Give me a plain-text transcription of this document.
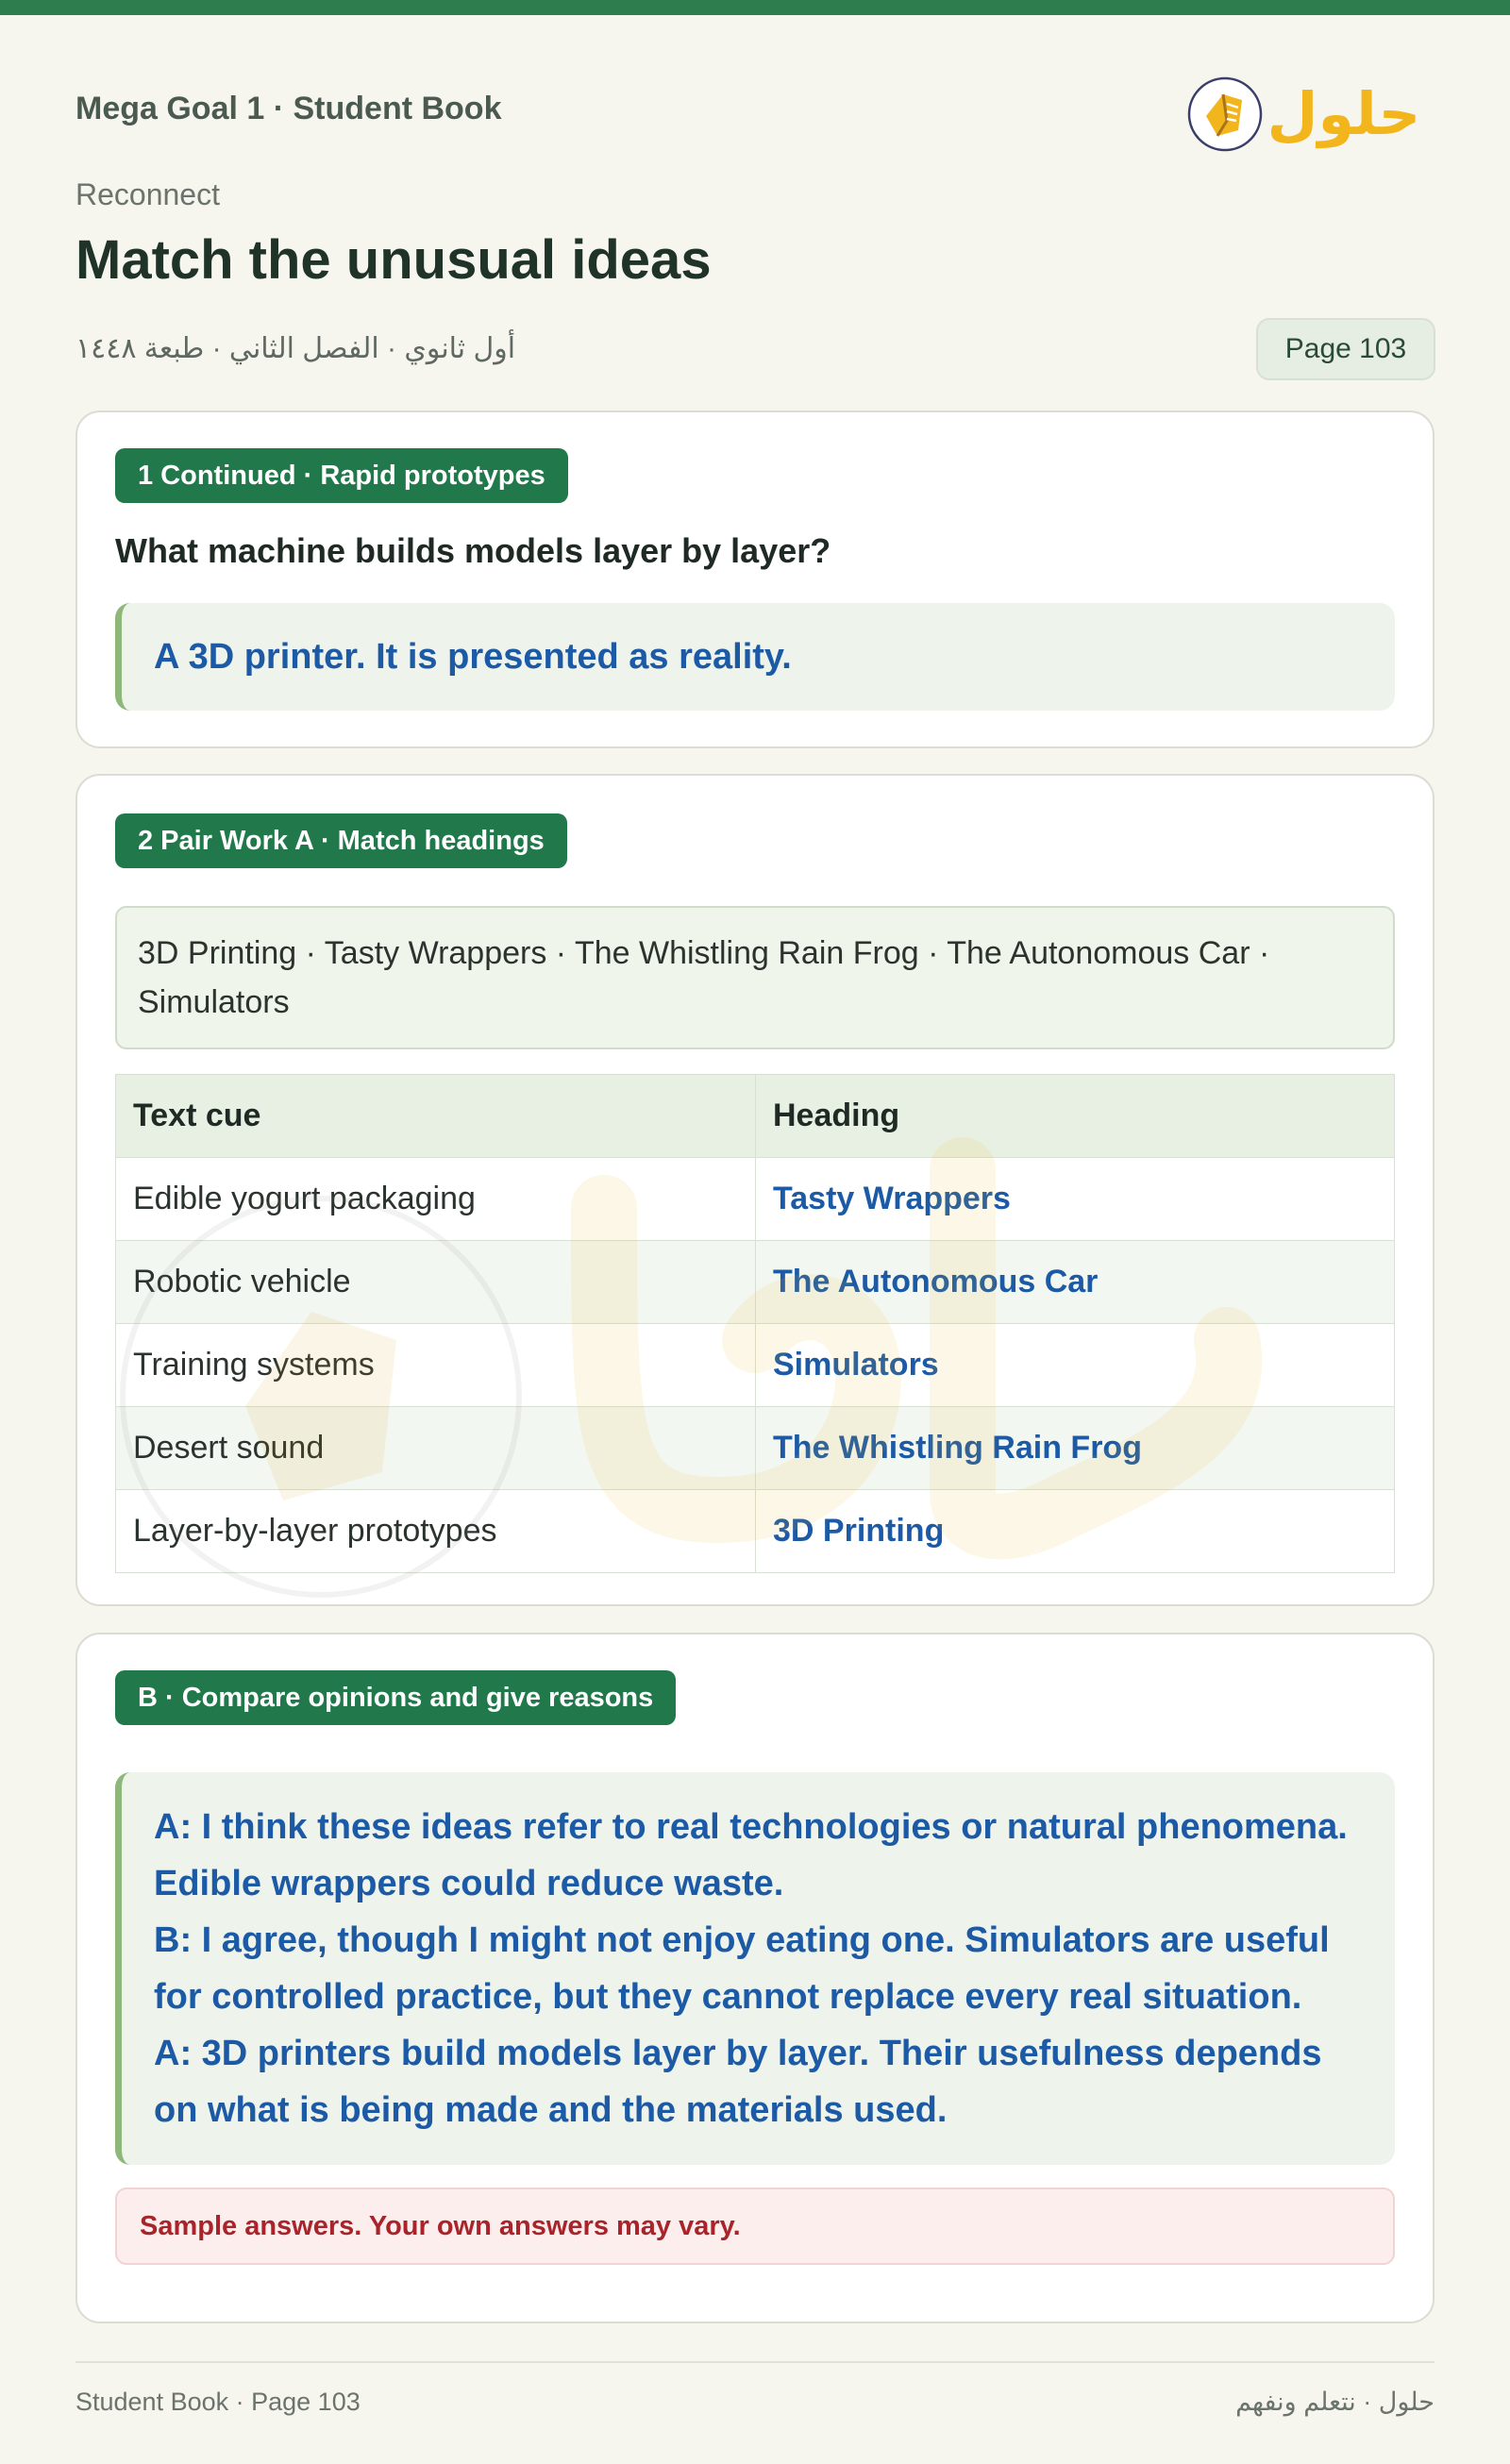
Mega Goal 1 · Student Book	حلول
Reconnect
Match the unusual ideas
أول ثانوي · الفصل الثاني · طبعة ١٤٤٨	Page 103
1 Continued · Rapid prototypes
What machine builds models layer by layer?
A 3D printer. It is presented as reality.
2 Pair Work A · Match headings
3D Printing · Tasty Wrappers · The Whistling Rain Frog · The Autonomous Car · Simulators
Text cue	Heading
Edible yogurt packaging	Tasty Wrappers
Robotic vehicle	The Autonomous Car
Training systems	Simulators
Desert sound	The Whistling Rain Frog
Layer-by-layer prototypes	3D Printing
B · Compare opinions and give reasons
A: I think these ideas refer to real technologies or natural phenomena. Edible wrappers could reduce waste.
B: I agree, though I might not enjoy eating one. Simulators are useful for controlled practice, but they cannot replace every real situation.
A: 3D printers build models layer by layer. Their usefulness depends on what is being made and the materials used.
Sample answers. Your own answers may vary.
Student Book · Page 103	حلول · نتعلم ونفهم
